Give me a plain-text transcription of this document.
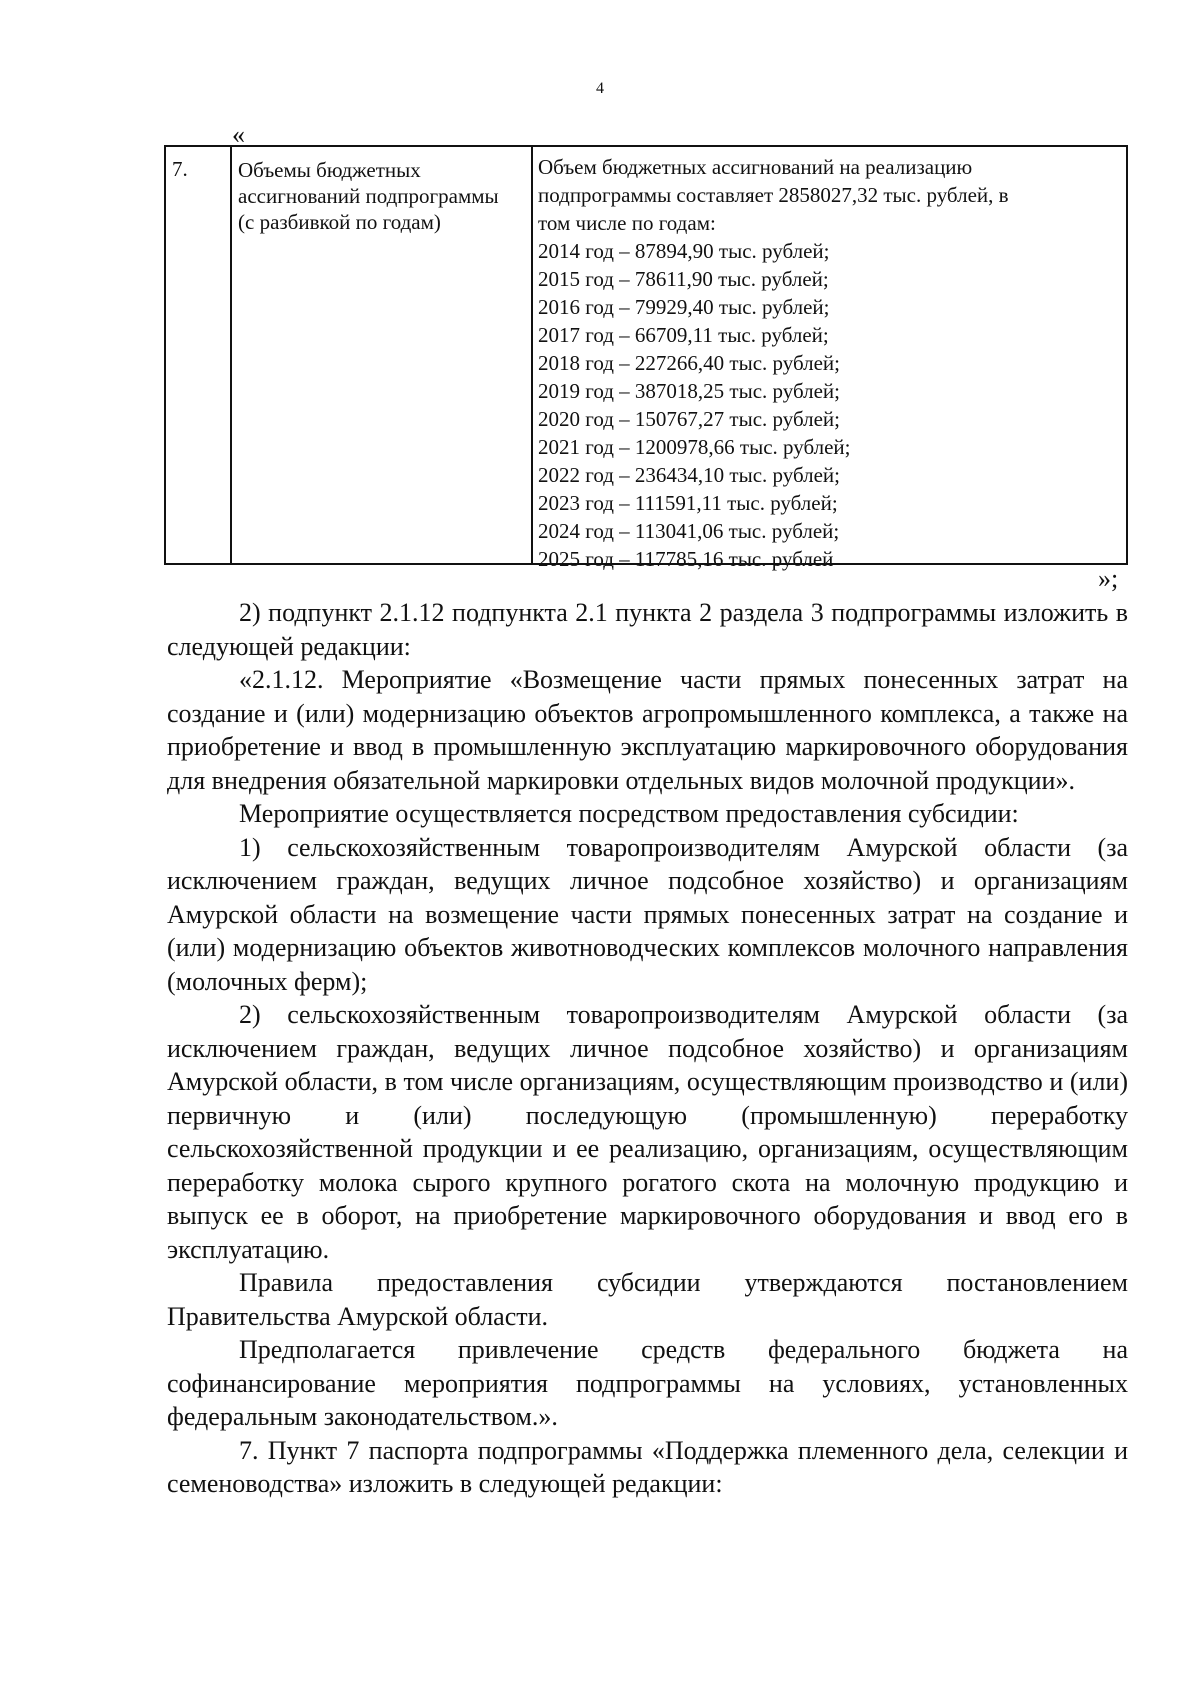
4
«
7. Объемы бюджетных ассигнований подпрограммы (с разбивкой по годам)
Объем бюджетных ассигнований на реализацию
подпрограммы составляет 2858027,32 тыс. рублей, в
том числе по годам:
2014 год – 87894,90 тыс. рублей;
2015 год – 78611,90 тыс. рублей;
2016 год – 79929,40 тыс. рублей;
2017 год – 66709,11 тыс. рублей;
2018 год – 227266,40 тыс. рублей;
2019 год – 387018,25 тыс. рублей;
2020 год – 150767,27 тыс. рублей;
2021 год – 1200978,66 тыс. рублей;
2022 год – 236434,10 тыс. рублей;
2023 год – 111591,11 тыс. рублей;
2024 год – 113041,06 тыс. рублей;
2025 год – 117785,16 тыс. рублей
»;

2) подпункт 2.1.12 подпункта 2.1 пункта 2 раздела 3 подпрограммы изложить в следующей редакции:

«2.1.12. Мероприятие «Возмещение части прямых понесенных затрат на создание и (или) модернизацию объектов агропромышленного комплекса, а также на приобретение и ввод в промышленную эксплуатацию маркировочного оборудования для внедрения обязательной маркировки отдельных видов молочной продукции».

Мероприятие осуществляется посредством предоставления субсидии:

1) сельскохозяйственным товаропроизводителям Амурской области (за исключением граждан, ведущих личное подсобное хозяйство) и организациям Амурской области на возмещение части прямых понесенных затрат на создание и (или) модернизацию объектов животноводческих комплексов молочного направления (молочных ферм);

2) сельскохозяйственным товаропроизводителям Амурской области (за исключением граждан, ведущих личное подсобное хозяйство) и организациям Амурской области, в том числе организациям, осуществляющим производство и (или) первичную и (или) последующую (промышленную) переработку сельскохозяйственной продукции и ее реализацию, организациям, осуществляющим переработку молока сырого крупного рогатого скота на молочную продукцию и выпуск ее в оборот, на приобретение маркировочного оборудования и ввод его в эксплуатацию.

Правила предоставления субсидии утверждаются постановлением Правительства Амурской области.

Предполагается привлечение средств федерального бюджета на софинансирование мероприятия подпрограммы на условиях, установленных федеральным законодательством.».

7. Пункт 7 паспорта подпрограммы «Поддержка племенного дела, селекции и семеноводства» изложить в следующей редакции:
